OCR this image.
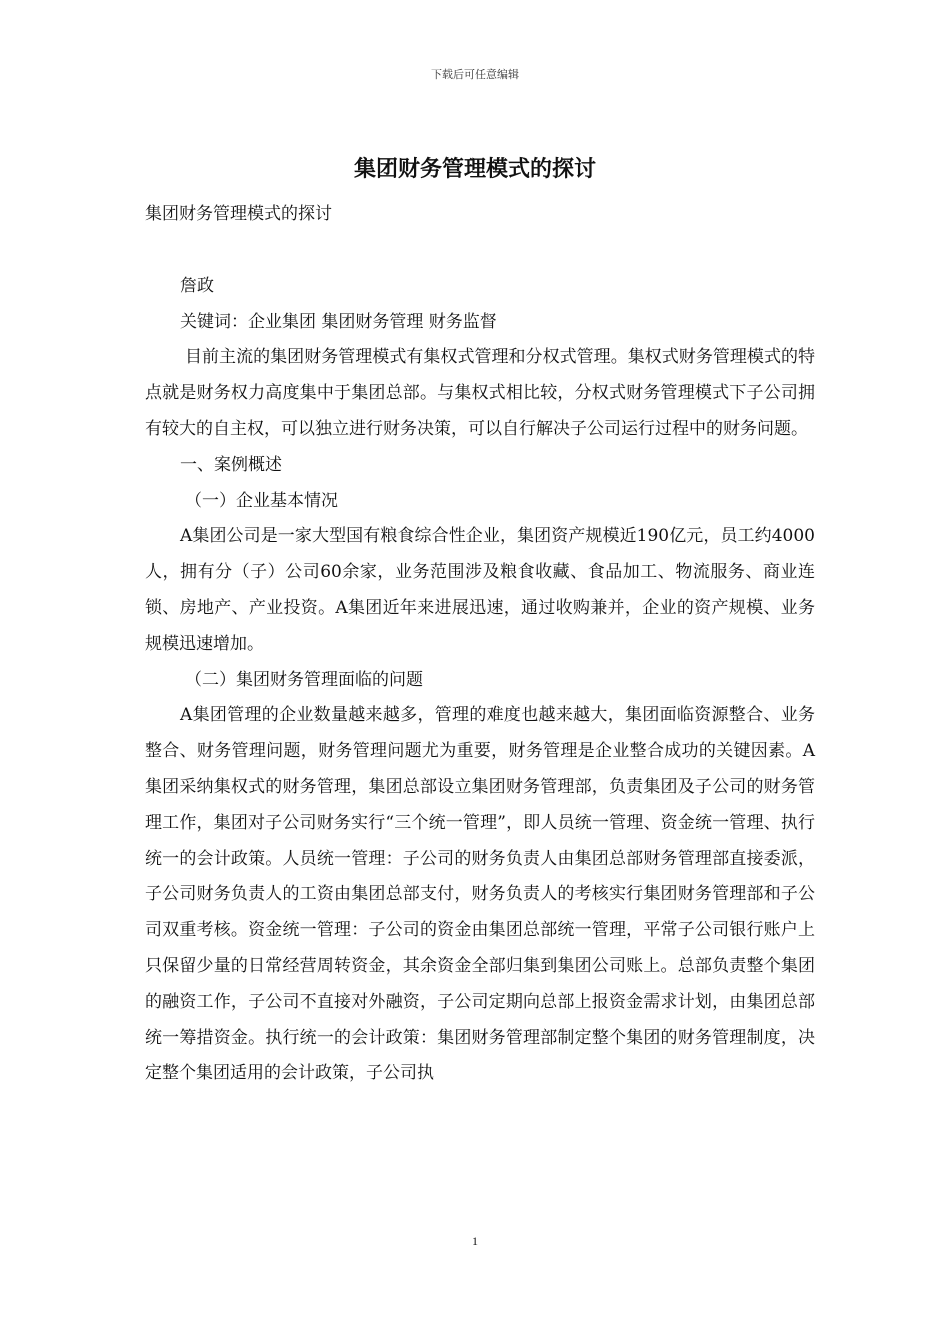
下载后可任意编辑
集团财务管理模式的探讨

集团财务管理模式的探讨

詹政

关键词：企业集团 集团财务管理 财务监督

目前主流的集团财务管理模式有集权式管理和分权式管理。集权式财务管理模式的特点就是财务权力高度集中于集团总部。与集权式相比较，分权式财务管理模式下子公司拥有较大的自主权，可以独立进行财务决策，可以自行解决子公司运行过程中的财务问题。

一、案例概述

（一）企业基本情况

A集团公司是一家大型国有粮食综合性企业，集团资产规模近190亿元，员工约4000人，拥有分（子）公司60余家，业务范围涉及粮食收藏、食品加工、物流服务、商业连锁、房地产、产业投资。A集团近年来进展迅速，通过收购兼并，企业的资产规模、业务规模迅速增加。

（二）集团财务管理面临的问题

A集团管理的企业数量越来越多，管理的难度也越来越大，集团面临资源整合、业务整合、财务管理问题，财务管理问题尤为重要，财务管理是企业整合成功的关键因素。A集团采纳集权式的财务管理，集团总部设立集团财务管理部，负责集团及子公司的财务管理工作，集团对子公司财务实行“三个统一管理”，即人员统一管理、资金统一管理、执行统一的会计政策。人员统一管理：子公司的财务负责人由集团总部财务管理部直接委派，子公司财务负责人的工资由集团总部支付，财务负责人的考核实行集团财务管理部和子公司双重考核。资金统一管理：子公司的资金由集团总部统一管理，平常子公司银行账户上只保留少量的日常经营周转资金，其余资金全部归集到集团公司账上。总部负责整个集团的融资工作，子公司不直接对外融资，子公司定期向总部上报资金需求计划，由集团总部统一筹措资金。执行统一的会计政策：集团财务管理部制定整个集团的财务管理制度，决定整个集团适用的会计政策，子公司执

1
